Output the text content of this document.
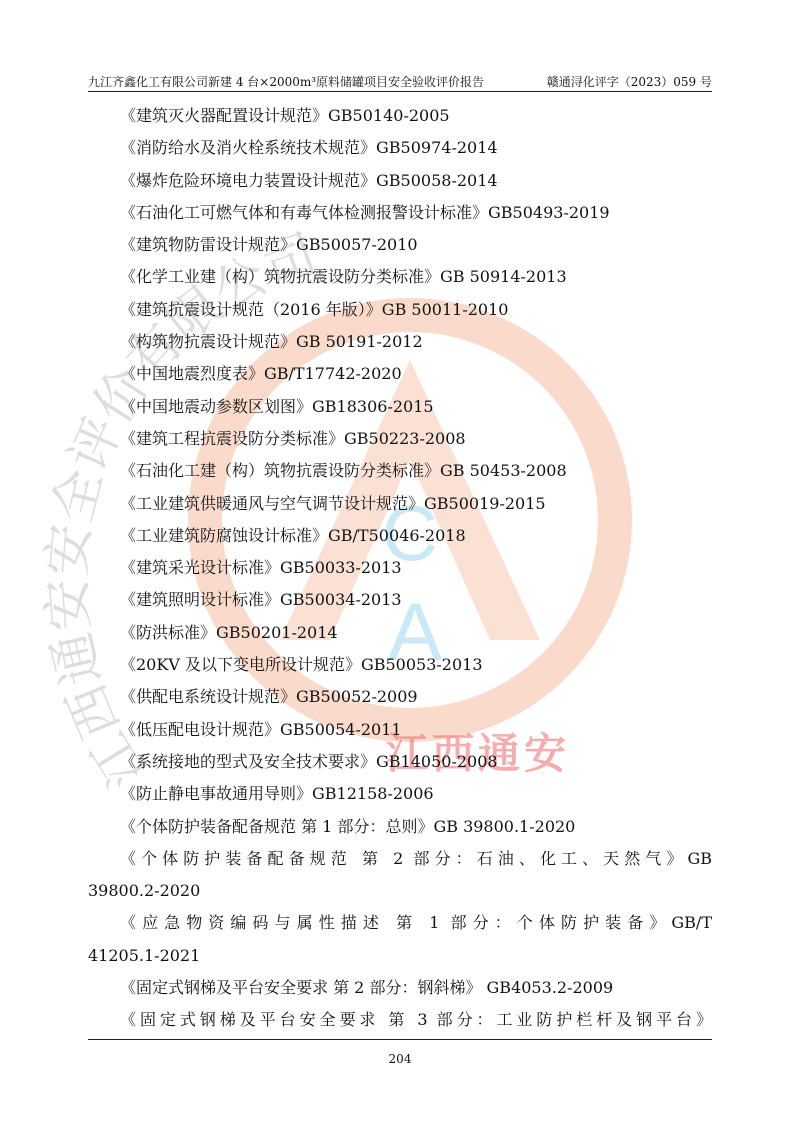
C
A
江西通安安全评价有限公司
江西通安
九江齐鑫化工有限公司新建 4 台×2000m³原料储罐项目安全验收评价报告	赣通浔化评字（2023）059 号
《建筑灭火器配置设计规范》GB50140-2005
《消防给水及消火栓系统技术规范》GB50974-2014
《爆炸危险环境电力装置设计规范》GB50058-2014
《石油化工可燃气体和有毒气体检测报警设计标准》GB50493-2019
《建筑物防雷设计规范》GB50057-2010
《化学工业建（构）筑物抗震设防分类标准》GB 50914-2013
《建筑抗震设计规范（2016 年版）》GB 50011-2010
《构筑物抗震设计规范》GB 50191-2012
《中国地震烈度表》GB/T17742-2020
《中国地震动参数区划图》GB18306-2015
《建筑工程抗震设防分类标准》GB50223-2008
《石油化工建（构）筑物抗震设防分类标准》GB 50453-2008
《工业建筑供暖通风与空气调节设计规范》GB50019-2015
《工业建筑防腐蚀设计标准》GB/T50046-2018
《建筑采光设计标准》GB50033-2013
《建筑照明设计标准》GB50034-2013
《防洪标准》GB50201-2014
《20KV 及以下变电所设计规范》GB50053-2013
《供配电系统设计规范》GB50052-2009
《低压配电设计规范》GB50054-2011
《系统接地的型式及安全技术要求》GB14050-2008
《防止静电事故通用导则》GB12158-2006
《个体防护装备配备规范 第 1 部分：总则》GB 39800.1-2020
《个体防护装备配备规范 第 2 部分：石油、化工、天然气》GB
39800.2-2020
《应急物资编码与属性描述 第 1 部分：个体防护装备》GB/T
41205.1-2021
《固定式钢梯及平台安全要求 第 2 部分：钢斜梯》 GB4053.2-2009
《固定式钢梯及平台安全要求 第 3 部分：工业防护栏杆及钢平台》
204
